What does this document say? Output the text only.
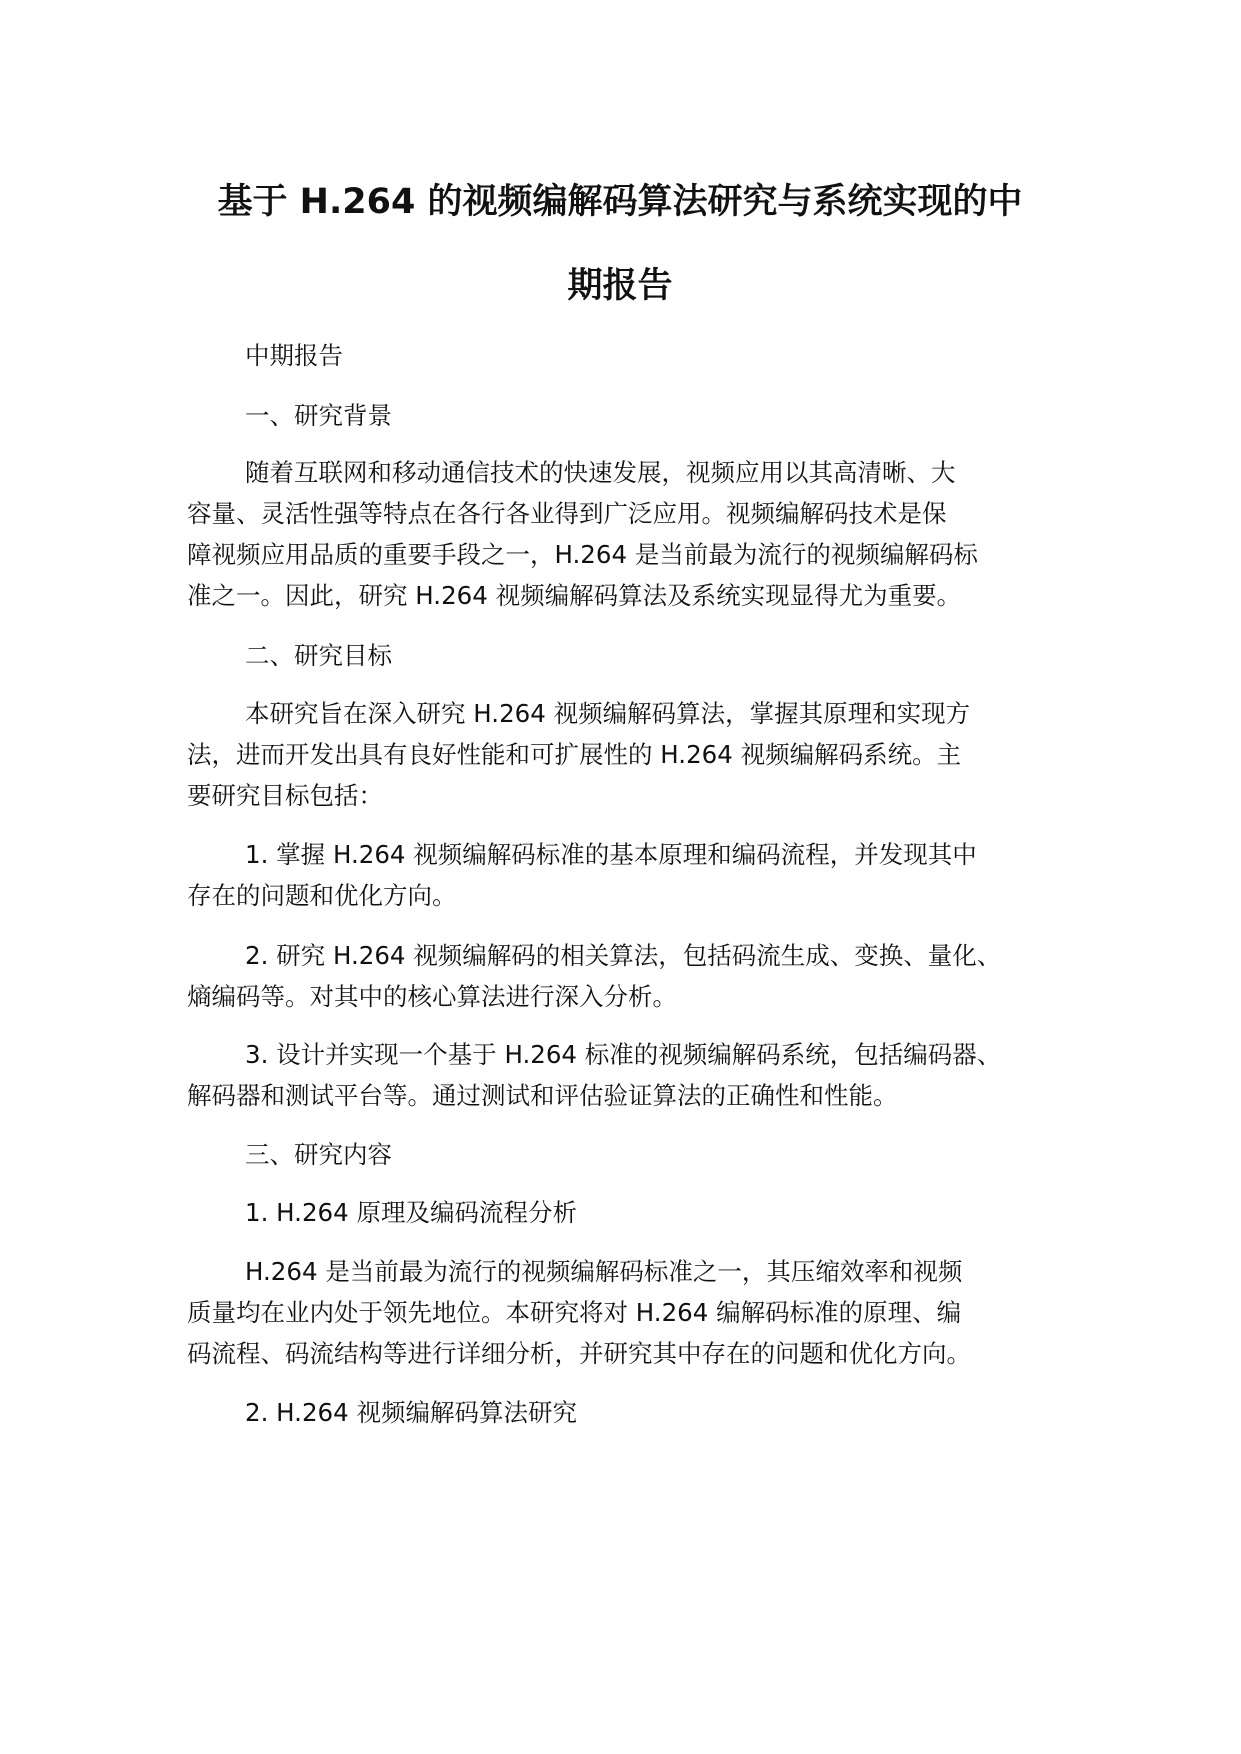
基于 H.264 的视频编解码算法研究与系统实现的中
期报告
中期报告
一、研究背景
随着互联网和移动通信技术的快速发展，视频应用以其高清晰、大
容量、灵活性强等特点在各行各业得到广泛应用。视频编解码技术是保
障视频应用品质的重要手段之一，H.264 是当前最为流行的视频编解码标
准之一。因此，研究 H.264 视频编解码算法及系统实现显得尤为重要。
二、研究目标
本研究旨在深入研究 H.264 视频编解码算法，掌握其原理和实现方
法，进而开发出具有良好性能和可扩展性的 H.264 视频编解码系统。主
要研究目标包括：
1. 掌握 H.264 视频编解码标准的基本原理和编码流程，并发现其中
存在的问题和优化方向。
2. 研究 H.264 视频编解码的相关算法，包括码流生成、变换、量化、
熵编码等。对其中的核心算法进行深入分析。
3. 设计并实现一个基于 H.264 标准的视频编解码系统，包括编码器、
解码器和测试平台等。通过测试和评估验证算法的正确性和性能。
三、研究内容
1. H.264 原理及编码流程分析
H.264 是当前最为流行的视频编解码标准之一，其压缩效率和视频
质量均在业内处于领先地位。本研究将对 H.264 编解码标准的原理、编
码流程、码流结构等进行详细分析，并研究其中存在的问题和优化方向。
2. H.264 视频编解码算法研究
